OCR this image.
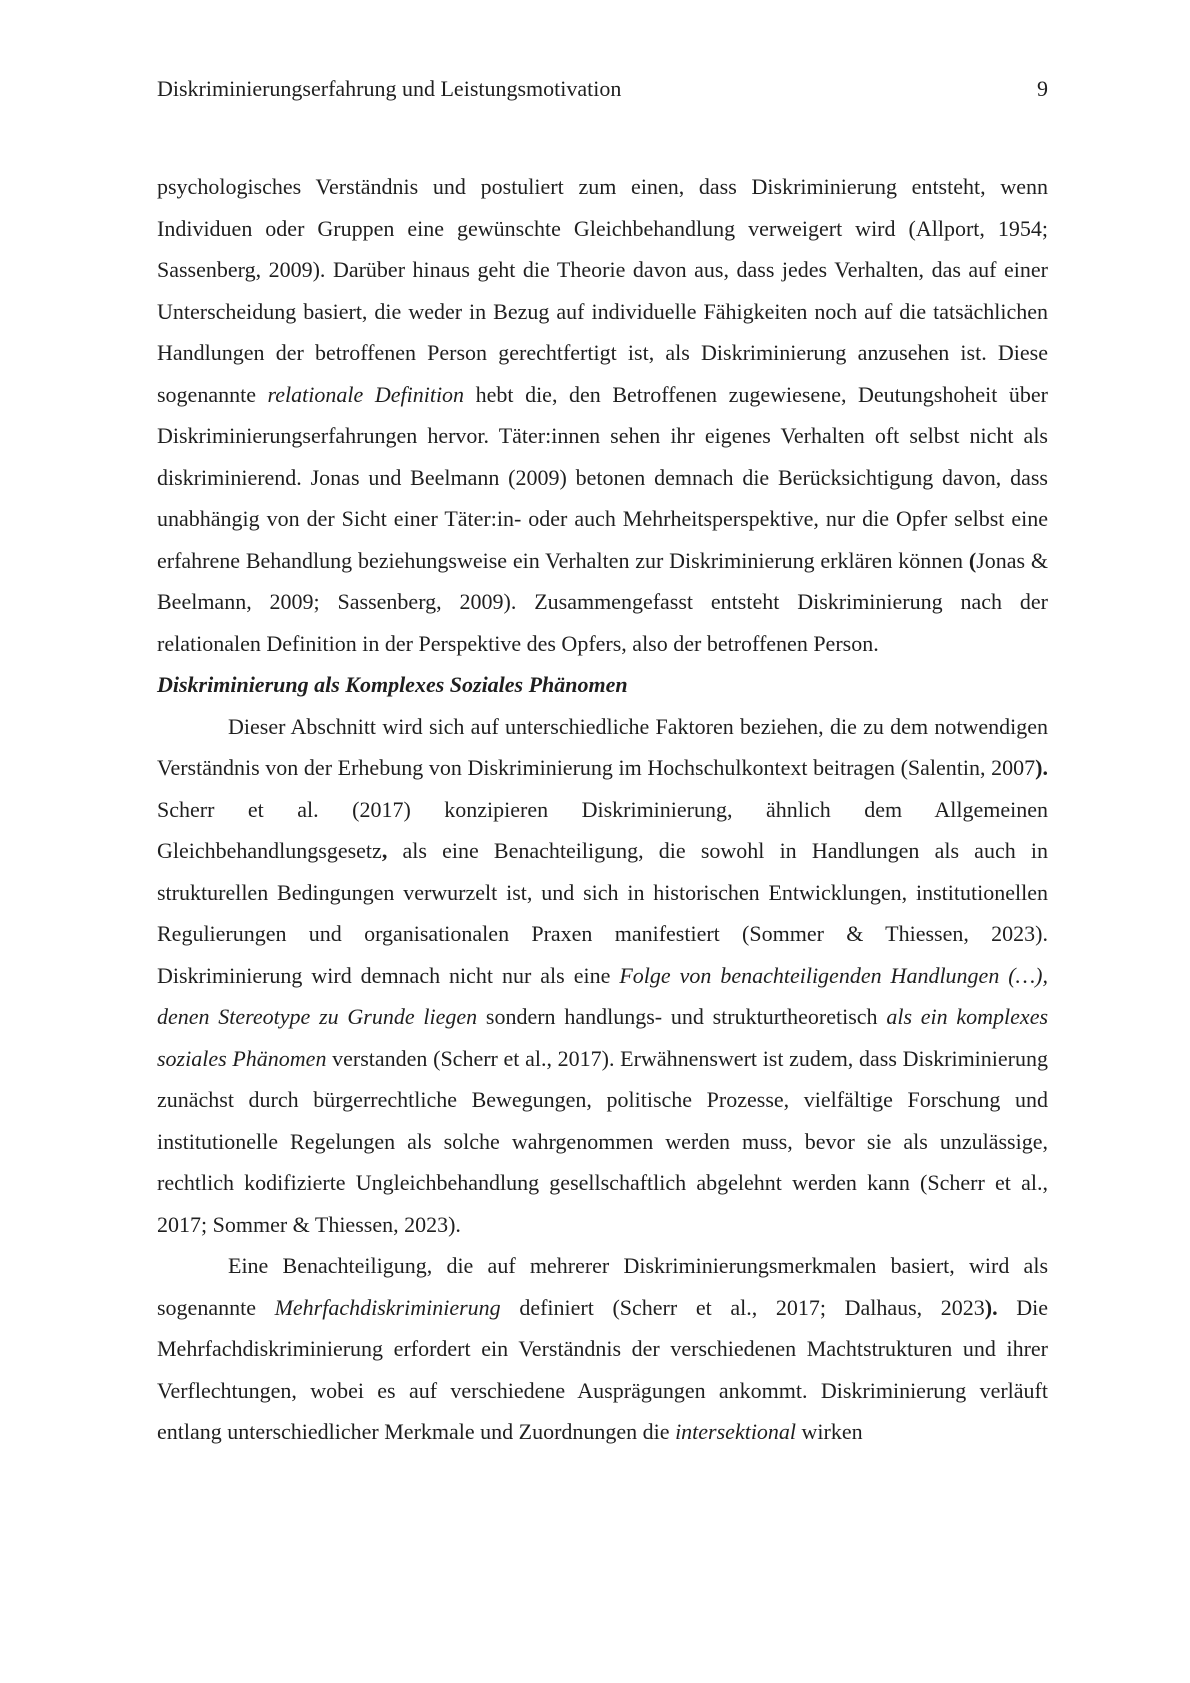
Diskriminierungserfahrung und Leistungsmotivation	9

psychologisches Verständnis und postuliert zum einen, dass Diskriminierung entsteht, wenn Individuen oder Gruppen eine gewünschte Gleichbehandlung verweigert wird (Allport, 1954; Sassenberg, 2009). Darüber hinaus geht die Theorie davon aus, dass jedes Verhalten, das auf einer Unterscheidung basiert, die weder in Bezug auf individuelle Fähigkeiten noch auf die tatsächlichen Handlungen der betroffenen Person gerechtfertigt ist, als Diskriminierung anzusehen ist. Diese sogenannte relationale Definition hebt die, den Betroffenen zugewiesene, Deutungshoheit über Diskriminierungserfahrungen hervor. Täter:innen sehen ihr eigenes Verhalten oft selbst nicht als diskriminierend. Jonas und Beelmann (2009) betonen demnach die Berücksichtigung davon, dass unabhängig von der Sicht einer Täter:in- oder auch Mehrheitsperspektive, nur die Opfer selbst eine erfahrene Behandlung beziehungsweise ein Verhalten zur Diskriminierung erklären können (Jonas & Beelmann, 2009; Sassenberg, 2009). Zusammengefasst entsteht Diskriminierung nach der relationalen Definition in der Perspektive des Opfers, also der betroffenen Person.

Diskriminierung als Komplexes Soziales Phänomen

Dieser Abschnitt wird sich auf unterschiedliche Faktoren beziehen, die zu dem notwendigen Verständnis von der Erhebung von Diskriminierung im Hochschulkontext beitragen (Salentin, 2007). Scherr et al. (2017) konzipieren Diskriminierung, ähnlich dem Allgemeinen Gleichbehandlungsgesetz, als eine Benachteiligung, die sowohl in Handlungen als auch in strukturellen Bedingungen verwurzelt ist, und sich in historischen Entwicklungen, institutionellen Regulierungen und organisationalen Praxen manifestiert (Sommer & Thiessen, 2023). Diskriminierung wird demnach nicht nur als eine Folge von benachteiligenden Handlungen (…), denen Stereotype zu Grunde liegen sondern handlungs- und strukturtheoretisch als ein komplexes soziales Phänomen verstanden (Scherr et al., 2017). Erwähnenswert ist zudem, dass Diskriminierung zunächst durch bürgerrechtliche Bewegungen, politische Prozesse, vielfältige Forschung und institutionelle Regelungen als solche wahrgenommen werden muss, bevor sie als unzulässige, rechtlich kodifizierte Ungleichbehandlung gesellschaftlich abgelehnt werden kann (Scherr et al., 2017; Sommer & Thiessen, 2023).

Eine Benachteiligung, die auf mehrerer Diskriminierungsmerkmalen basiert, wird als sogenannte Mehrfachdiskriminierung definiert (Scherr et al., 2017; Dalhaus, 2023). Die Mehrfachdiskriminierung erfordert ein Verständnis der verschiedenen Machtstrukturen und ihrer Verflechtungen, wobei es auf verschiedene Ausprägungen ankommt. Diskriminierung verläuft entlang unterschiedlicher Merkmale und Zuordnungen die intersektional wirken
